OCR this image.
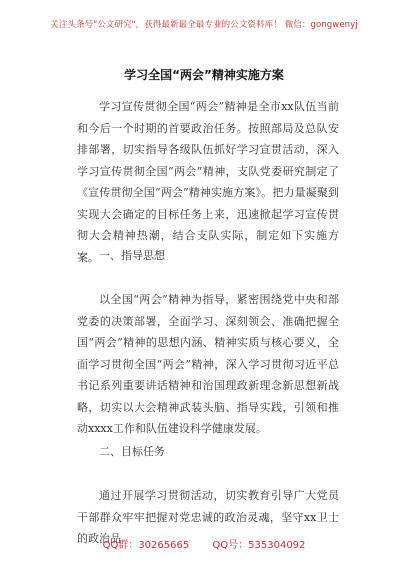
关注头条号"公文研究"，获得最新最全最专业的公文资料库！ 微信：gongwenyj
学习全国“两会”精神实施方案

学习宣传贯彻全国“两会”精神是全市xx队伍当前和今后一个时期的首要政治任务。按照部局及总队安排部署，切实指导各级队伍抓好学习宣贯活动，深入学习宣传贯彻全国“两会”精神，支队党委研究制定了《宣传贯彻全国“两会”精神实施方案》。把力量凝聚到实现大会确定的目标任务上来，迅速掀起学习宣传贯彻大会精神热潮，结合支队实际，制定如下实施方案。 一、指导思想

以全国“两会”精神为指导，紧密围绕党中央和部党委的决策部署，全面学习、深刻领会、准确把握全国“两会”精神的思想内涵、精神实质与核心要义，全面学习贯彻全国“两会”精神，深入学习贯彻习近平总书记系列重要讲话精神和治国理政新理念新思想新战略，切实以大会精神武装头脑、指导实践，引领和推动xxxx工作和队伍建设科学健康发展。

二、目标任务

通过开展学习贯彻活动，切实教育引导广大党员干部群众牢牢把握对党忠诚的政治灵魂，坚守xx卫士的政治品

QQ群：30265665 QQ号：535304092
